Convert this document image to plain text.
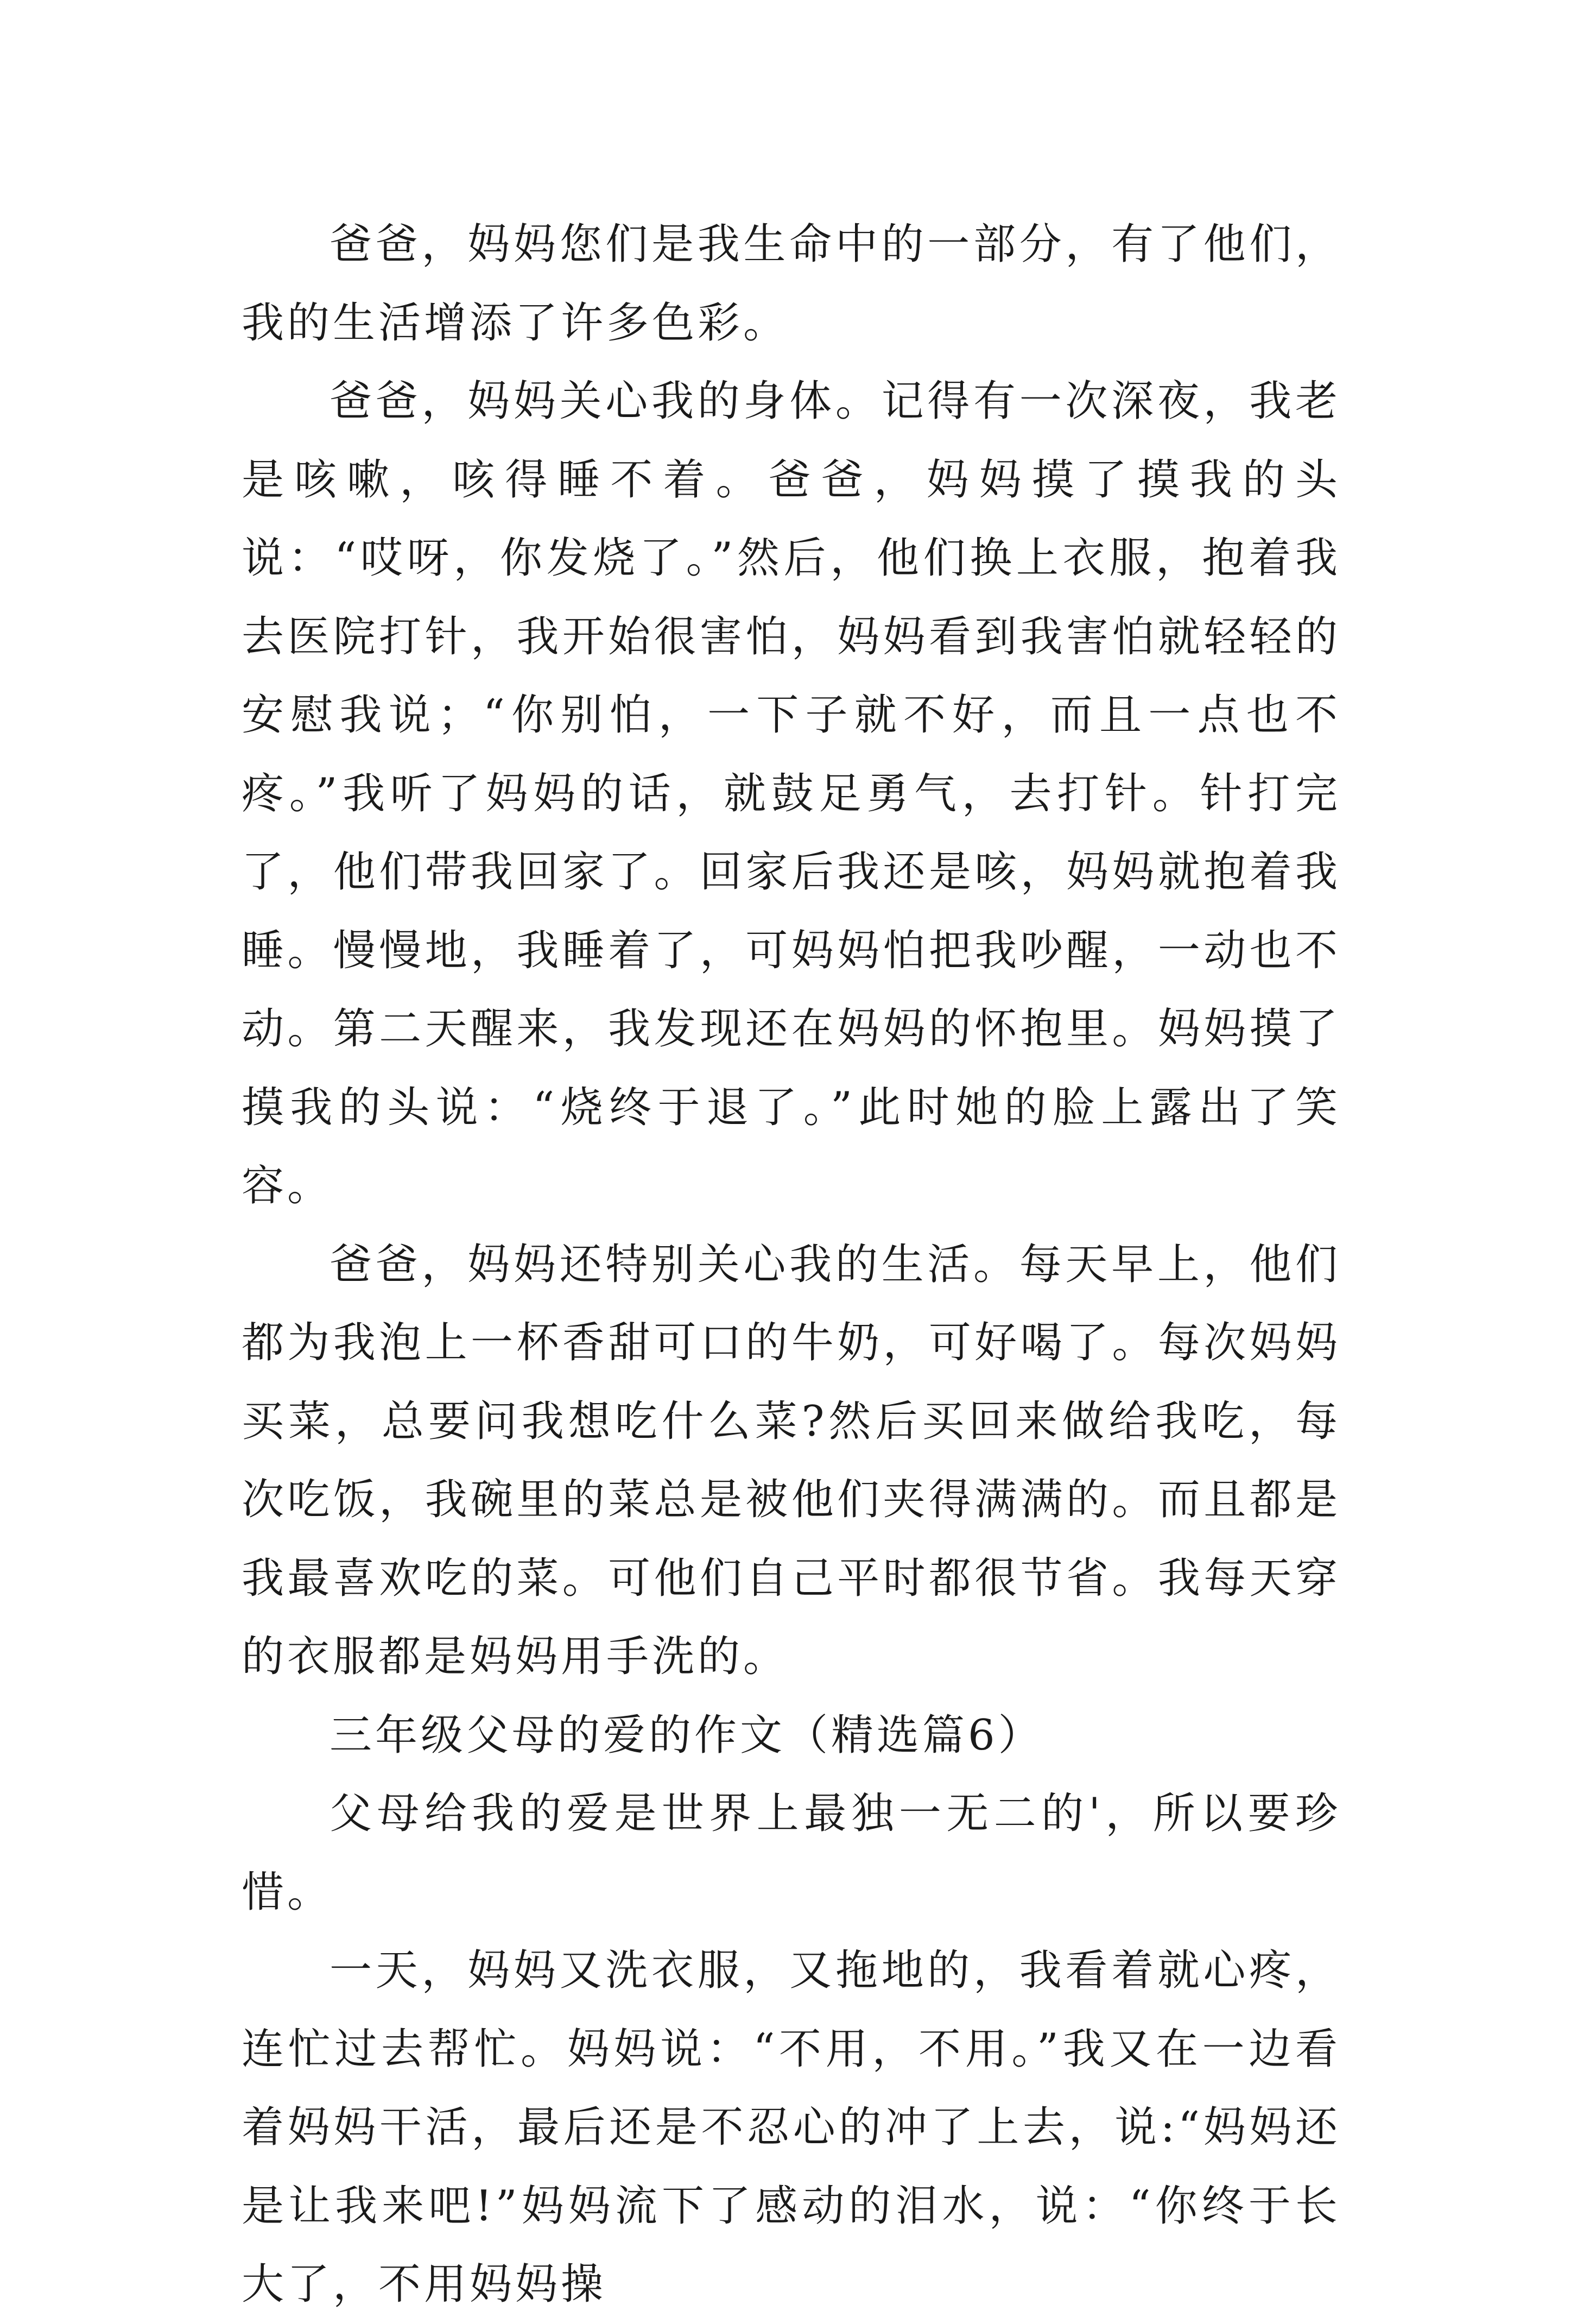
爸爸，妈妈您们是我生命中的一部分，有了他们，我的生活增添了许多色彩。

爸爸，妈妈关心我的身体。记得有一次深夜，我老是咳嗽，咳得睡不着。爸爸，妈妈摸了摸我的头说：“哎呀，你发烧了。”然后，他们换上衣服，抱着我去医院打针，我开始很害怕，妈妈看到我害怕就轻轻的安慰我说；“你别怕，一下子就不好，而且一点也不疼。”我听了妈妈的话，就鼓足勇气，去打针。针打完了，他们带我回家了。回家后我还是咳，妈妈就抱着我睡。慢慢地，我睡着了，可妈妈怕把我吵醒，一动也不动。第二天醒来，我发现还在妈妈的怀抱里。妈妈摸了摸我的头说：“烧终于退了。”此时她的脸上露出了笑容。

爸爸，妈妈还特别关心我的生活。每天早上，他们都为我泡上一杯香甜可口的牛奶，可好喝了。每次妈妈买菜，总要问我想吃什么菜?然后买回来做给我吃，每次吃饭，我碗里的菜总是被他们夹得满满的。而且都是我最喜欢吃的菜。可他们自己平时都很节省。我每天穿的衣服都是妈妈用手洗的。

三年级父母的爱的作文（精选篇6）

父母给我的爱是世界上最独一无二的'，所以要珍惜。

一天，妈妈又洗衣服，又拖地的，我看着就心疼，连忙过去帮忙。妈妈说：“不用，不用。”我又在一边看着妈妈干活，最后还是不忍心的冲了上去，说:“妈妈还是让我来吧!”妈妈流下了感动的泪水，说：“你终于长大了，不用妈妈操
